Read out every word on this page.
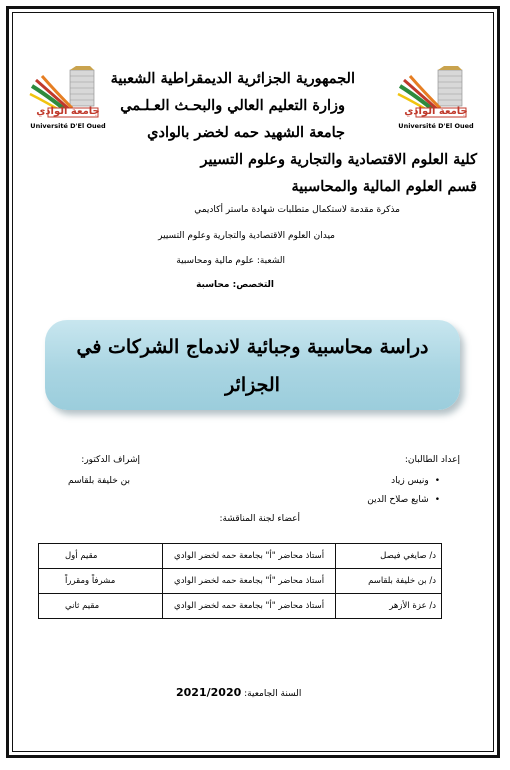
جامعة الوادي
Université D'El Oued
جامعة الوادي
Université D'El Oued
الجمهورية الجزائرية الديمقراطية الشعبية
وزارة التعليم العالي والبحـث العـلـمي
جامعة الشهيد حمه لخضر بالوادي
كلية العلوم الاقتصادية والتجارية وعلوم التسيير
قسم العلوم المالية والمحاسبية
مذكرة مقدمة لاستكمال متطلبات شهادة ماستر أكاديمي
ميدان العلوم الاقتصادية والتجارية وعلوم التسيير
الشعبة: علوم مالية ومحاسبية
التخصص: محاسبة
دراسة محاسبية وجبائية لاندماج الشركات في
الجزائر
إعداد الطالبان:
• ونيس زياد
• شايع صلاح الدين
إشراف الدكتور:
بن خليفة بلقاسم
أعضاء لجنة المناقشة:
د/ صايغي فيصل	أستاذ محاضر "أ" بجامعة حمه لخضر الوادي	مقيم أول
د/ بن خليفة بلقاسم	أستاذ محاضر "أ" بجامعة حمه لخضر الوادي	مشرفاً ومقرراً
د/ عزة الأزهر	أستاذ محاضر "أ" بجامعة حمه لخضر الوادي	مقيم ثاني
السنة الجامعية: 2021/2020
